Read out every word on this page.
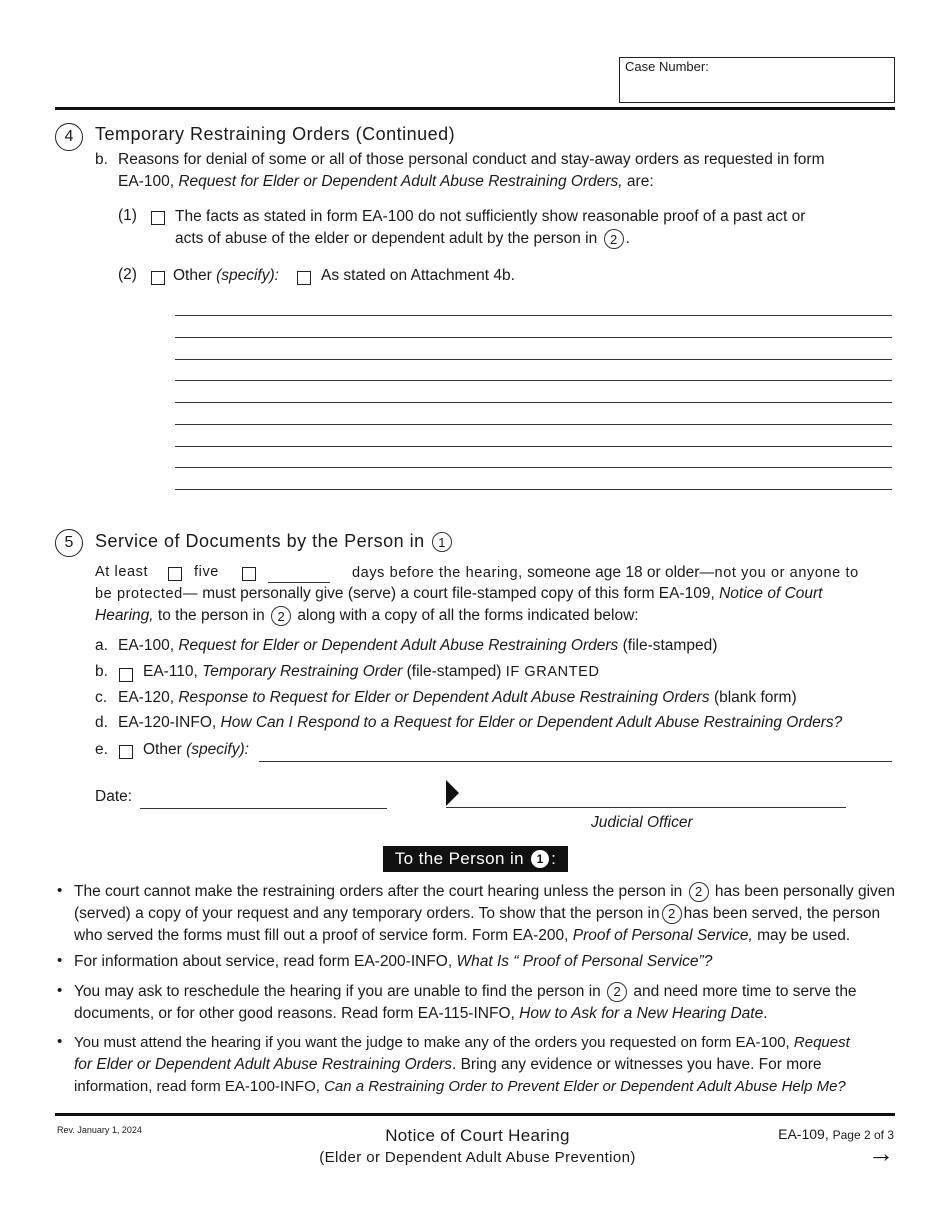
Case Number:
4 Temporary Restraining Orders (Continued)
b. Reasons for denial of some or all of those personal conduct and stay-away orders as requested in form
EA-100, Request for Elder or Dependent Adult Abuse Restraining Orders, are:
(1) The facts as stated in form EA-100 do not sufficiently show reasonable proof of a past act or
acts of abuse of the elder or dependent adult by the person in 2 .
(2) Other (specify):	As stated on Attachment 4b.
5 Service of Documents by the Person in 1
At least	five	days before the hearing, someone age 18 or older—not you or anyone to
be protected— must personally give (serve) a court file-stamped copy of this form EA-109, Notice of Court
Hearing, to the person in 2 along with a copy of all the forms indicated below:
a. EA-100, Request for Elder or Dependent Adult Abuse Restraining Orders (file-stamped)
b. EA-110, Temporary Restraining Order (file-stamped) IF GRANTED
c. EA-120, Response to Request for Elder or Dependent Adult Abuse Restraining Orders (blank form)
d. EA-120-INFO, How Can I Respond to a Request for Elder or Dependent Adult Abuse Restraining Orders?
e. Other (specify):
Date:
Judicial Officer
To the Person in
	1 :
• The court cannot make the restraining orders after the court hearing unless the person in 2 has been personally given
(served) a copy of your request and any temporary orders. To show that the person in 2 has been served, the person
who served the forms must fill out a proof of service form. Form EA-200, Proof of Personal Service, may be used.
• For information about service, read form EA-200-INFO, What Is “ Proof of Personal Service”?
• You may ask to reschedule the hearing if you are unable to find the person in 2 and need more time to serve the
documents, or for other good reasons. Read form EA-115-INFO, How to Ask for a New Hearing Date.
• You must attend the hearing if you want the judge to make any of the orders you requested on form EA-100, Request
for Elder or Dependent Adult Abuse Restraining Orders. Bring any evidence or witnesses you have. For more
information, read form EA-100-INFO, Can a Restraining Order to Prevent Elder or Dependent Adult Abuse Help Me?
Rev. January 1, 2024	Notice of Court Hearing
(Elder or Dependent Adult Abuse Prevention)
EA-109, Page 2 of 3
→
